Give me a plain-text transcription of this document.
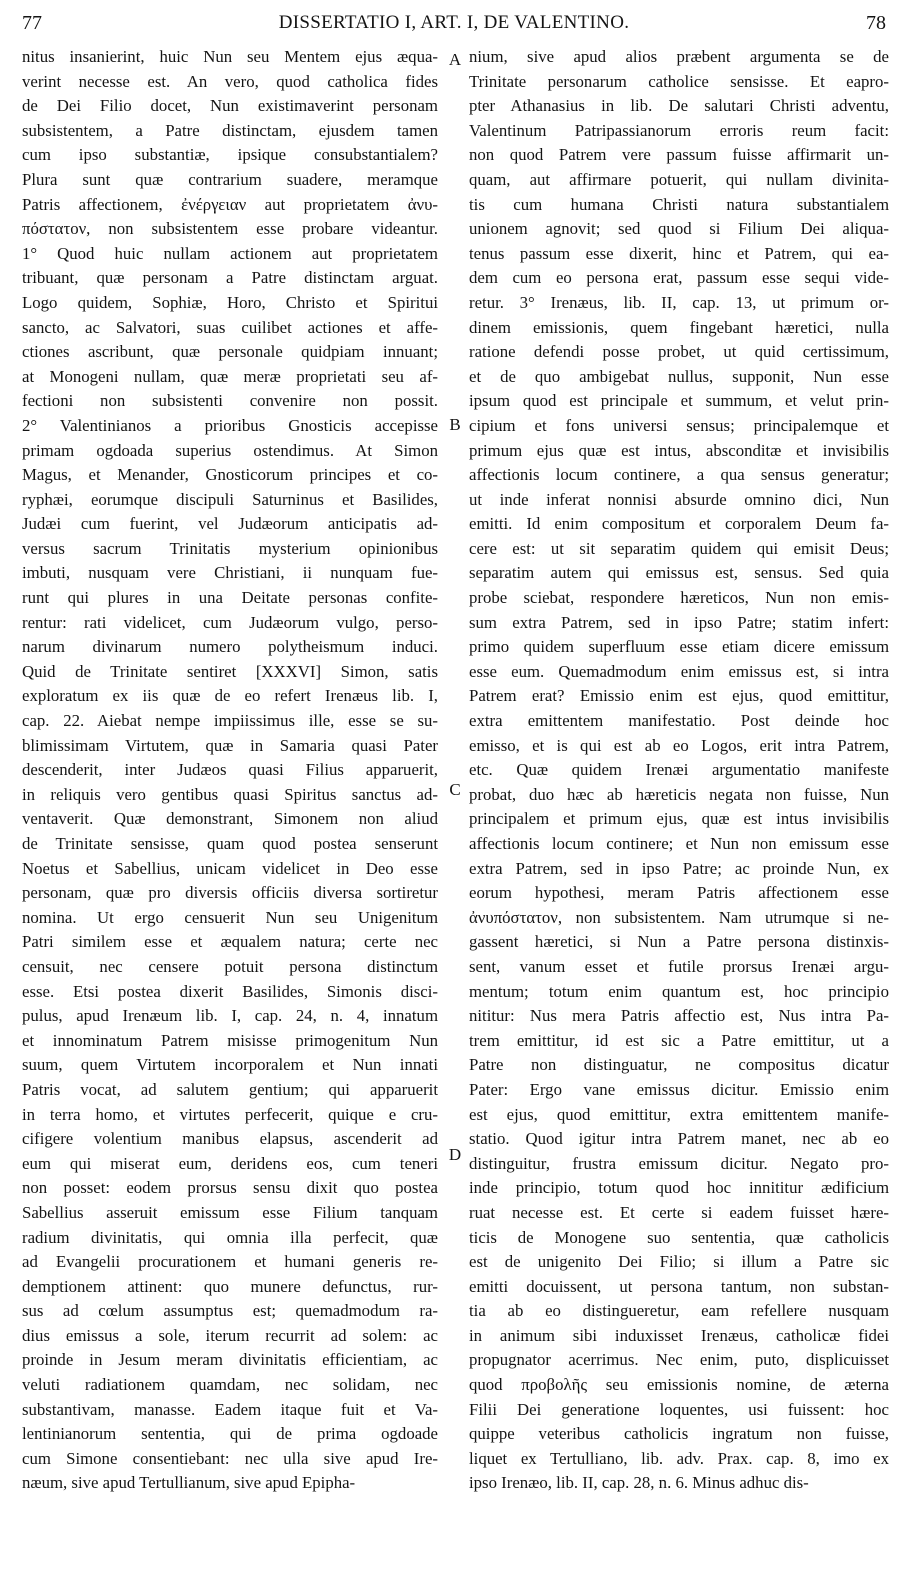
77	DISSERTATIO I, ART. I, DE VALENTINO.	78
nitus insanierint, huic Nun seu Mentem ejus æqua-
verint necesse est. An vero, quod catholica fides
de Dei Filio docet, Nun existimaverint personam
subsistentem, a Patre distinctam, ejusdem tamen
cum ipso substantiæ, ipsique consubstantialem?
Plura sunt quæ contrarium suadere, meramque
Patris affectionem, ἐνέργειαν aut proprietatem ἀνυ-
πόστατον, non subsistentem esse probare videantur.
1° Quod huic nullam actionem aut proprietatem
tribuant, quæ personam a Patre distinctam arguat.
Logo quidem, Sophiæ, Horo, Christo et Spiritui
sancto, ac Salvatori, suas cuilibet actiones et affe-
ctiones ascribunt, quæ personale quidpiam innuant;
at Monogeni nullam, quæ meræ proprietati seu af-
fectioni non subsistenti convenire non possit.
2° Valentinianos a prioribus Gnosticis accepisse
primam ogdoada superius ostendimus. At Simon
Magus, et Menander, Gnosticorum principes et co-
ryphæi, eorumque discipuli Saturninus et Basilides,
Judæi cum fuerint, vel Judæorum anticipatis ad-
versus sacrum Trinitatis mysterium opinionibus
imbuti, nusquam vere Christiani, ii nunquam fue-
runt qui plures in una Deitate personas confite-
rentur: rati videlicet, cum Judæorum vulgo, perso-
narum divinarum numero polytheismum induci.
Quid de Trinitate sentiret [XXXVI] Simon, satis
exploratum ex iis quæ de eo refert Irenæus lib. I,
cap. 22. Aiebat nempe impiissimus ille, esse se su-
blimissimam Virtutem, quæ in Samaria quasi Pater
descenderit, inter Judæos quasi Filius apparuerit,
in reliquis vero gentibus quasi Spiritus sanctus ad-
ventaverit. Quæ demonstrant, Simonem non aliud
de Trinitate sensisse, quam quod postea senserunt
Noetus et Sabellius, unicam videlicet in Deo esse
personam, quæ pro diversis officiis diversa sortiretur
nomina. Ut ergo censuerit Nun seu Unigenitum
Patri similem esse et æqualem natura; certe nec
censuit, nec censere potuit persona distinctum
esse. Etsi postea dixerit Basilides, Simonis disci-
pulus, apud Irenæum lib. I, cap. 24, n. 4, innatum
et innominatum Patrem misisse primogenitum Nun
suum, quem Virtutem incorporalem et Nun innati
Patris vocat, ad salutem gentium; qui apparuerit
in terra homo, et virtutes perfecerit, quique e cru-
cifigere volentium manibus elapsus, ascenderit ad
eum qui miserat eum, deridens eos, cum teneri
non posset: eodem prorsus sensu dixit quo postea
Sabellius asseruit emissum esse Filium tanquam
radium divinitatis, qui omnia illa perfecit, quæ
ad Evangelii procurationem et humani generis re-
demptionem attinent: quo munere defunctus, rur-
sus ad cœlum assumptus est; quemadmodum ra-
dius emissus a sole, iterum recurrit ad solem: ac
proinde in Jesum meram divinitatis efficientiam, ac
veluti radiationem quamdam, nec solidam, nec
substantivam, manasse. Eadem itaque fuit et Va-
lentinianorum sententia, qui de prima ogdoade
cum Simone consentiebant: nec ulla sive apud Ire-
næum, sive apud Tertullianum, sive apud Epipha-
nium, sive apud alios præbent argumenta se de
Trinitate personarum catholice sensisse. Et eapro-
pter Athanasius in lib. De salutari Christi adventu,
Valentinum Patripassianorum erroris reum facit:
non quod Patrem vere passum fuisse affirmarit un-
quam, aut affirmare potuerit, qui nullam divinita-
tis cum humana Christi natura substantialem
unionem agnovit; sed quod si Filium Dei aliqua-
tenus passum esse dixerit, hinc et Patrem, qui ea-
dem cum eo persona erat, passum esse sequi vide-
retur. 3° Irenæus, lib. II, cap. 13, ut primum or-
dinem emissionis, quem fingebant hæretici, nulla
ratione defendi posse probet, ut quid certissimum,
et de quo ambigebat nullus, supponit, Nun esse
ipsum quod est principale et summum, et velut prin-
cipium et fons universi sensus; principalemque et
primum ejus quæ est intus, absconditæ et invisibilis
affectionis locum continere, a qua sensus generatur;
ut inde inferat nonnisi absurde omnino dici, Nun
emitti. Id enim compositum et corporalem Deum fa-
cere est: ut sit separatim quidem qui emisit Deus;
separatim autem qui emissus est, sensus. Sed quia
probe sciebat, respondere hæreticos, Nun non emis-
sum extra Patrem, sed in ipso Patre; statim infert:
primo quidem superfluum esse etiam dicere emissum
esse eum. Quemadmodum enim emissus est, si intra
Patrem erat? Emissio enim est ejus, quod emittitur,
extra emittentem manifestatio. Post deinde hoc
emisso, et is qui est ab eo Logos, erit intra Patrem,
etc. Quæ quidem Irenæi argumentatio manifeste
probat, duo hæc ab hæreticis negata non fuisse, Nun
principalem et primum ejus, quæ est intus invisibilis
affectionis locum continere; et Nun non emissum esse
extra Patrem, sed in ipso Patre; ac proinde Nun, ex
eorum hypothesi, meram Patris affectionem esse
ἀνυπόστατον, non subsistentem. Nam utrumque si ne-
gassent hæretici, si Nun a Patre persona distinxis-
sent, vanum esset et futile prorsus Irenæi argu-
mentum; totum enim quantum est, hoc principio
nititur: Nus mera Patris affectio est, Nus intra Pa-
trem emittitur, id est sic a Patre emittitur, ut a
Patre non distinguatur, ne compositus dicatur
Pater: Ergo vane emissus dicitur. Emissio enim
est ejus, quod emittitur, extra emittentem manife-
statio. Quod igitur intra Patrem manet, nec ab eo
distinguitur, frustra emissum dicitur. Negato pro-
inde principio, totum quod hoc innititur ædificium
ruat necesse est. Et certe si eadem fuisset hære-
ticis de Monogene suo sententia, quæ catholicis
est de unigenito Dei Filio; si illum a Patre sic
emitti docuissent, ut persona tantum, non substan-
tia ab eo distingueretur, eam refellere nusquam
in animum sibi induxisset Irenæus, catholicæ fidei
propugnator acerrimus. Nec enim, puto, displicuisset
quod προβολῆς seu emissionis nomine, de æterna
Filii Dei generatione loquentes, usi fuissent: hoc
quippe veteribus catholicis ingratum non fuisse,
liquet ex Tertulliano, lib. adv. Prax. cap. 8, imo ex
ipso Irenæo, lib. II, cap. 28, n. 6. Minus adhuc dis-
A
B
C
D
